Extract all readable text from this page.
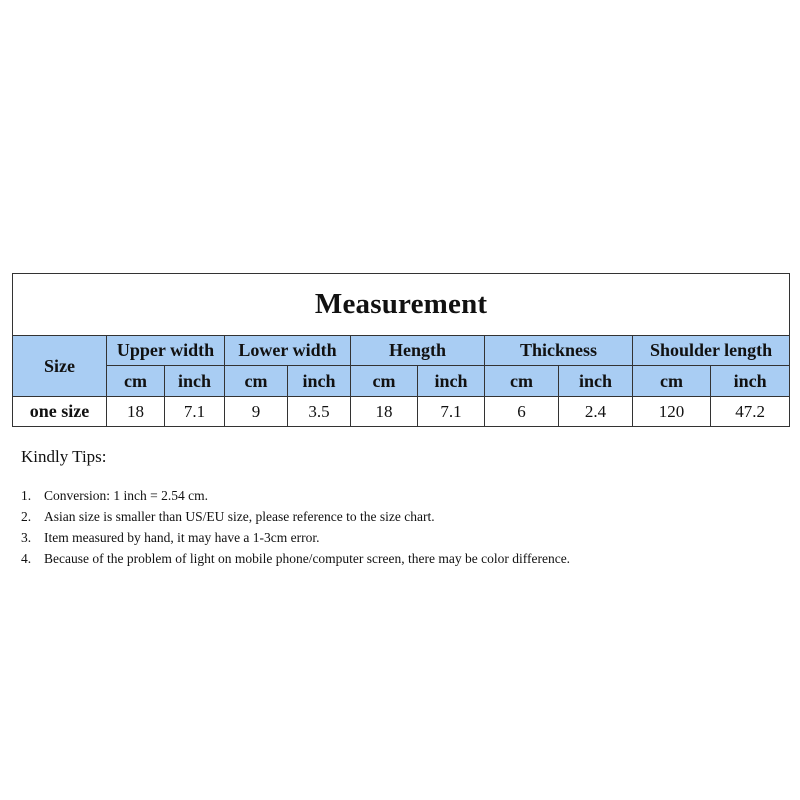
Measurement										
Size	Upper width		Lower width		Hength		Thickness		Shoulder length	
	cm	inch	cm	inch	cm	inch	cm	inch	cm	inch
one size	18	7.1	9	3.5	18	7.1	6	2.4	120	47.2
Kindly Tips:
1. Conversion: 1 inch = 2.54 cm.
2. Asian size is smaller than US/EU size, please reference to the size chart.
3. Item measured by hand, it may have a 1-3cm error.
4. Because of the problem of light on mobile phone/computer screen, there may be color difference.
